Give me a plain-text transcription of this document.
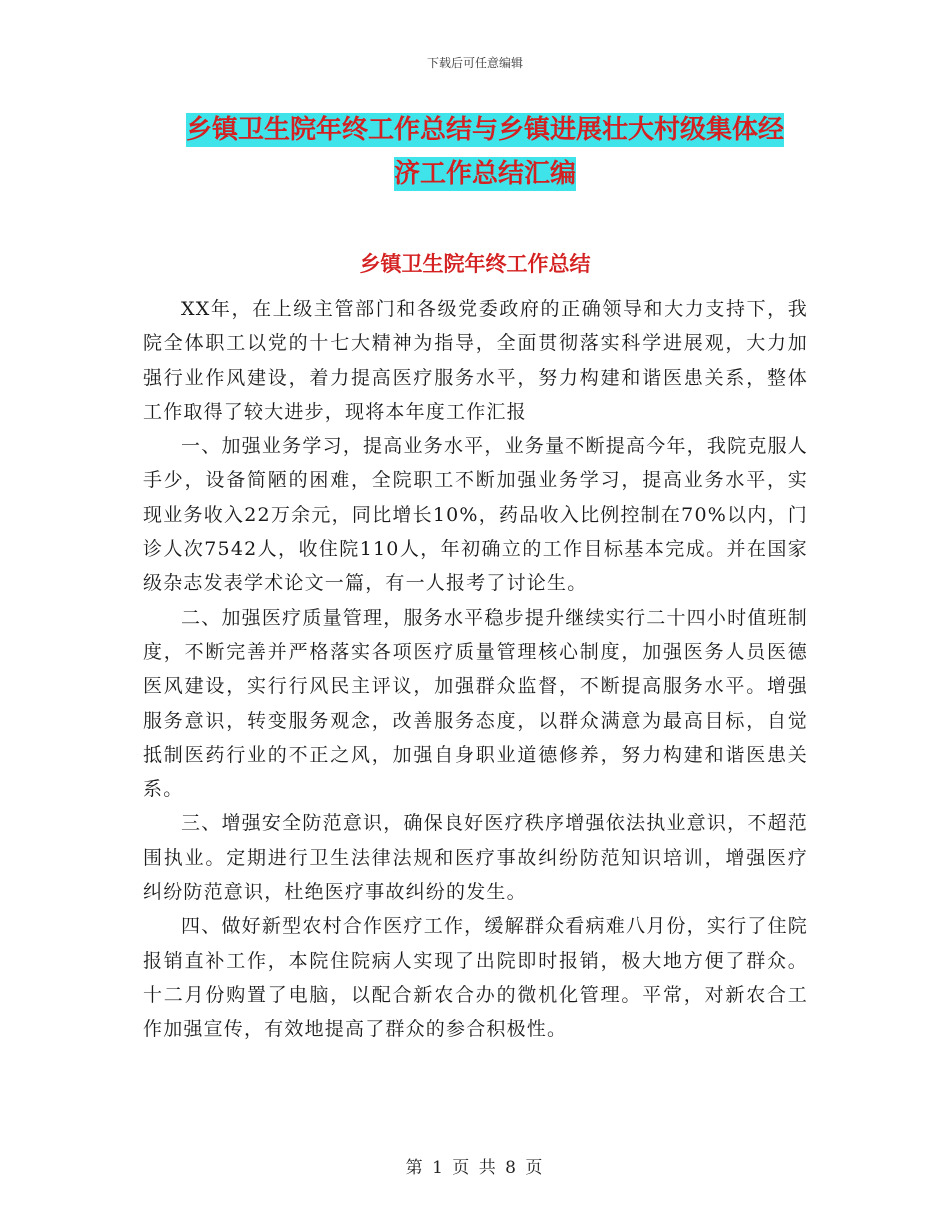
下载后可任意编辑
乡镇卫生院年终工作总结与乡镇进展壮大村级集体经
济工作总结汇编
乡镇卫生院年终工作总结

XX年，在上级主管部门和各级党委政府的正确领导和大力支持下，我院全体职工以党的十七大精神为指导，全面贯彻落实科学进展观，大力加强行业作风建设，着力提高医疗服务水平，努力构建和谐医患关系，整体工作取得了较大进步，现将本年度工作汇报

一、加强业务学习，提高业务水平，业务量不断提高今年，我院克服人手少，设备简陋的困难，全院职工不断加强业务学习，提高业务水平，实现业务收入22万余元，同比增长10%，药品收入比例控制在70%以内，门诊人次7542人，收住院110人，年初确立的工作目标基本完成。并在国家级杂志发表学术论文一篇，有一人报考了讨论生。

二、加强医疗质量管理，服务水平稳步提升继续实行二十四小时值班制度，不断完善并严格落实各项医疗质量管理核心制度，加强医务人员医德医风建设，实行行风民主评议，加强群众监督，不断提高服务水平。增强服务意识，转变服务观念，改善服务态度，以群众满意为最高目标，自觉抵制医药行业的不正之风，加强自身职业道德修养，努力构建和谐医患关系。

三、增强安全防范意识，确保良好医疗秩序增强依法执业意识，不超范围执业。定期进行卫生法律法规和医疗事故纠纷防范知识培训，增强医疗纠纷防范意识，杜绝医疗事故纠纷的发生。

四、做好新型农村合作医疗工作，缓解群众看病难八月份，实行了住院报销直补工作，本院住院病人实现了出院即时报销，极大地方便了群众。十二月份购置了电脑，以配合新农合办的微机化管理。平常，对新农合工作加强宣传，有效地提高了群众的参合积极性。

第 1 页 共 8 页
